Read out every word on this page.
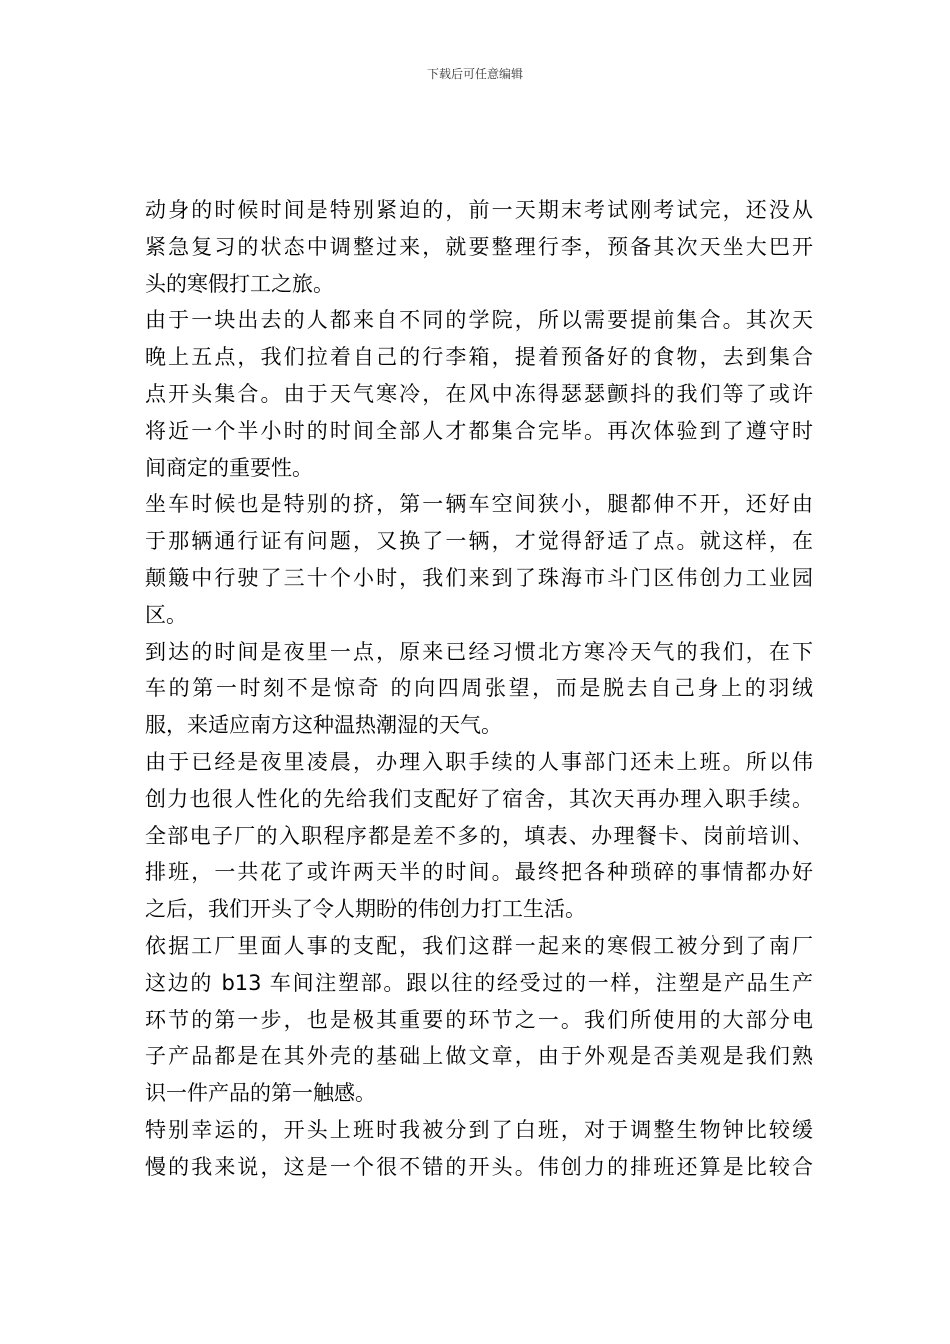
下载后可任意编辑
动身的时候时间是特别紧迫的，前一天期末考试刚考试完，还没从
紧急复习的状态中调整过来，就要整理行李，预备其次天坐大巴开
头的寒假打工之旅。
由于一块出去的人都来自不同的学院，所以需要提前集合。其次天
晚上五点，我们拉着自己的行李箱，提着预备好的食物，去到集合
点开头集合。由于天气寒冷，在风中冻得瑟瑟颤抖的我们等了或许
将近一个半小时的时间全部人才都集合完毕。再次体验到了遵守时
间商定的重要性。
坐车时候也是特别的挤，第一辆车空间狭小，腿都伸不开，还好由
于那辆通行证有问题，又换了一辆，才觉得舒适了点。就这样，在
颠簸中行驶了三十个小时，我们来到了珠海市斗门区伟创力工业园
区。
到达的时间是夜里一点，原来已经习惯北方寒冷天气的我们，在下
车的第一时刻不是惊奇 的向四周张望，而是脱去自己身上的羽绒
服，来适应南方这种温热潮湿的天气。
由于已经是夜里凌晨，办理入职手续的人事部门还未上班。所以伟
创力也很人性化的先给我们支配好了宿舍，其次天再办理入职手续。
全部电子厂的入职程序都是差不多的，填表、办理餐卡、岗前培训、
排班，一共花了或许两天半的时间。最终把各种琐碎的事情都办好
之后，我们开头了令人期盼的伟创力打工生活。
依据工厂里面人事的支配，我们这群一起来的寒假工被分到了南厂
这边的 b13 车间注塑部。跟以往的经受过的一样，注塑是产品生产
环节的第一步，也是极其重要的环节之一。我们所使用的大部分电
子产品都是在其外壳的基础上做文章，由于外观是否美观是我们熟
识一件产品的第一触感。
特别幸运的，开头上班时我被分到了白班，对于调整生物钟比较缓
慢的我来说，这是一个很不错的开头。伟创力的排班还算是比较合
